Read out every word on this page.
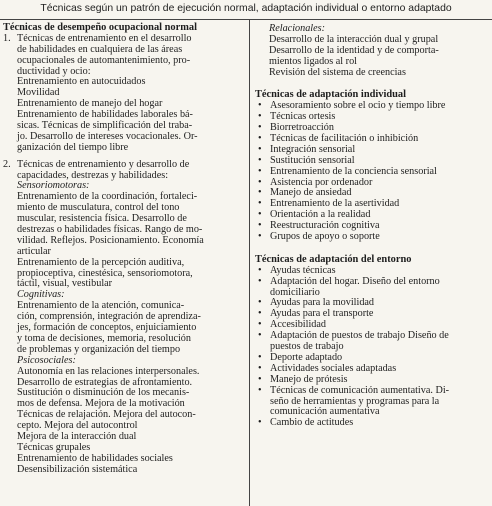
Técnicas según un patrón de ejecución normal, adaptación individual o entorno adaptado
Técnicas de desempeño ocupacional normal
1. Técnicas de entrenamiento en el desarrollo
de habilidades en cualquiera de las áreas
ocupacionales de automantenimiento, pro-
ductividad y ocio:
Entrenamiento en autocuidados
Movilidad
Entrenamiento de manejo del hogar
Entrenamiento de habilidades laborales bá-
sicas. Técnicas de simplificación del traba-
jo. Desarrollo de intereses vocacionales. Or-
ganización del tiempo libre
2. Técnicas de entrenamiento y desarrollo de
capacidades, destrezas y habilidades:
Sensoriomotoras:
Entrenamiento de la coordinación, fortaleci-
miento de musculatura, control del tono
muscular, resistencia física. Desarrollo de
destrezas o habilidades físicas. Rango de mo-
vilidad. Reflejos. Posicionamiento. Economía
articular
Entrenamiento de la percepción auditiva,
propioceptiva, cinestésica, sensoriomotora,
táctil, visual, vestibular
Cognitivas:
Entrenamiento de la atención, comunica-
ción, comprensión, integración de aprendiza-
jes, formación de conceptos, enjuiciamiento
y toma de decisiones, memoria, resolución
de problemas y organización del tiempo
Psicosociales:
Autonomía en las relaciones interpersonales.
Desarrollo de estrategias de afrontamiento.
Sustitución o disminución de los mecanis-
mos de defensa. Mejora de la motivación
Técnicas de relajación. Mejora del autocon-
cepto. Mejora del autocontrol
Mejora de la interacción dual
Técnicas grupales
Entrenamiento de habilidades sociales
Desensibilización sistemática
Relacionales:
Desarrollo de la interacción dual y grupal
Desarrollo de la identidad y de comporta-
mientos ligados al rol
Revisión del sistema de creencias
Técnicas de adaptación individual
• Asesoramiento sobre el ocio y tiempo libre
• Técnicas ortesis
• Biorretroacción
• Técnicas de facilitación o inhibición
• Integración sensorial
• Sustitución sensorial
• Entrenamiento de la conciencia sensorial
• Asistencia por ordenador
• Manejo de ansiedad
• Entrenamiento de la asertividad
• Orientación a la realidad
• Reestructuración cognitiva
• Grupos de apoyo o soporte
Técnicas de adaptación del entorno
• Ayudas técnicas
• Adaptación del hogar. Diseño del entorno
domiciliario
• Ayudas para la movilidad
• Ayudas para el transporte
• Accesibilidad
• Adaptación de puestos de trabajo Diseño de
puestos de trabajo
• Deporte adaptado
• Actividades sociales adaptadas
• Manejo de prótesis
• Técnicas de comunicación aumentativa. Di-
seño de herramientas y programas para la
comunicación aumentativa
• Cambio de actitudes
